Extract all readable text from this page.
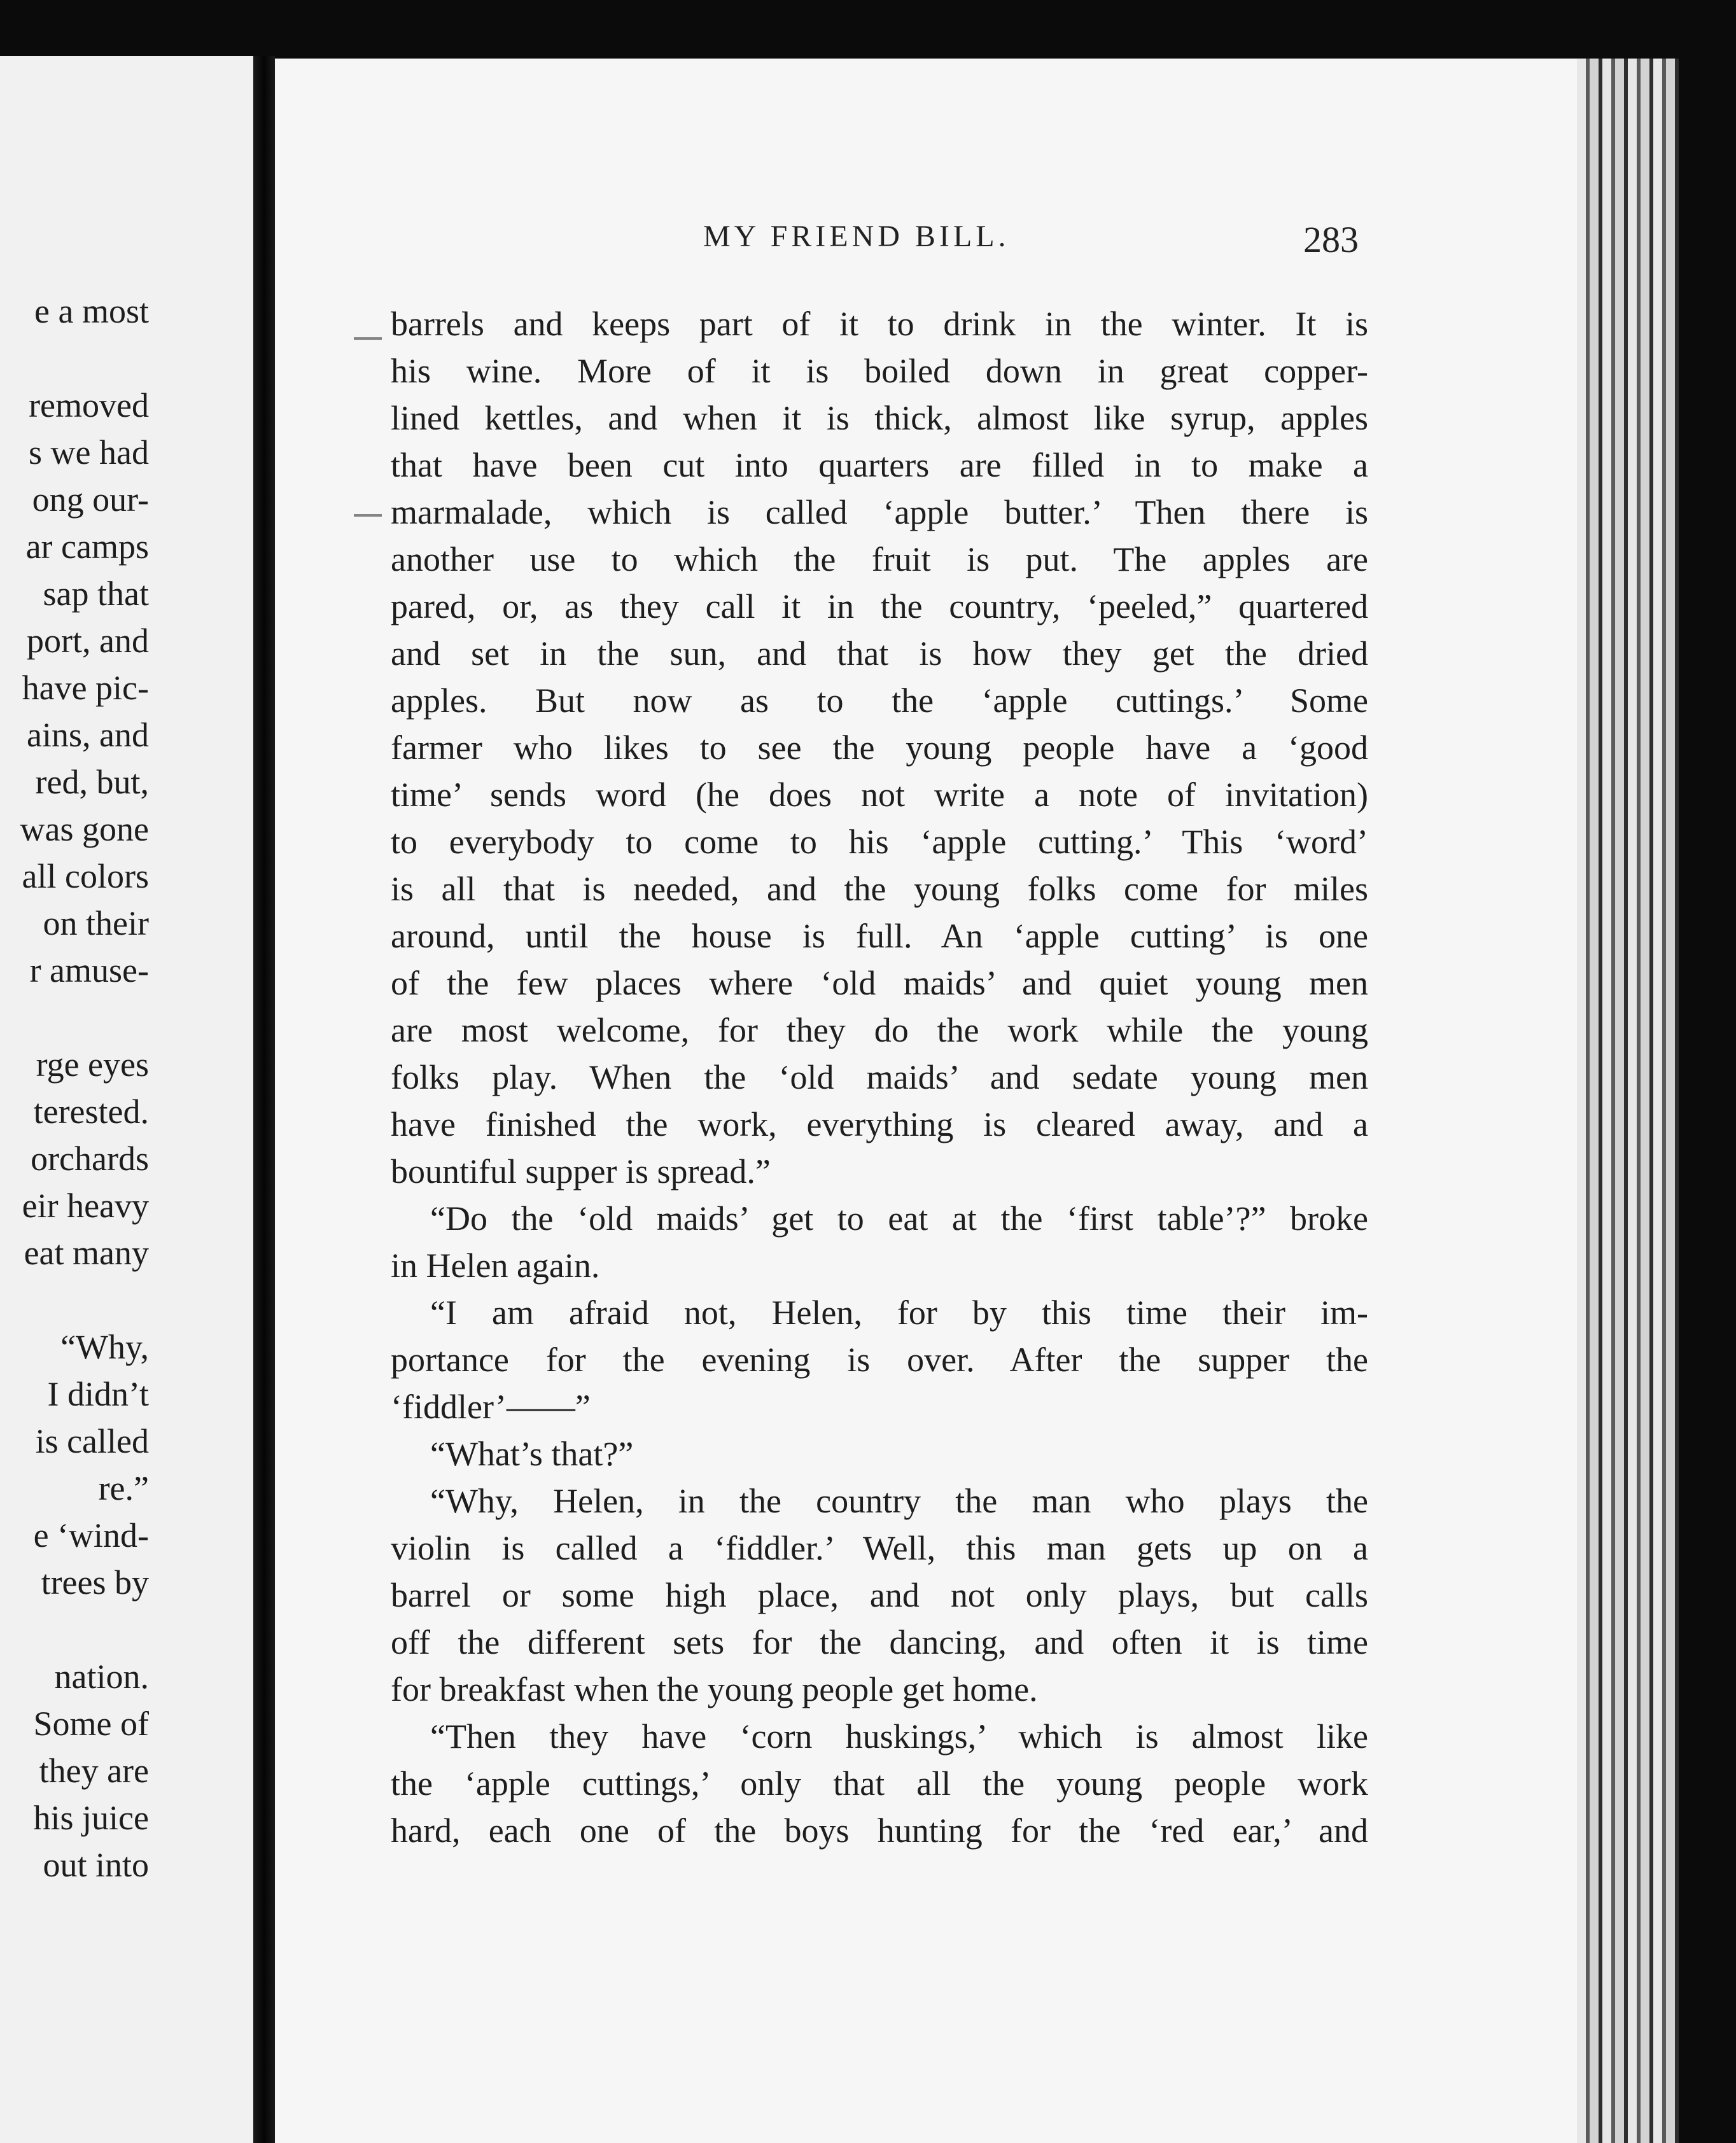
e a most
removed
s we had
ong our-
ar camps
sap that
port, and
have pic-
ains, and
red, but,
was gone
all colors
on their
r amuse-
rge eyes
terested.
orchards
eir heavy
eat many
“Why,
I didn’t
is called
re.”
e ‘wind-
trees by
nation.
Some of
they are
his juice
out into
MY FRIEND BILL.	283
barrels and keeps part of it to drink in the winter. It is
his wine. More of it is boiled down in great copper-
lined kettles, and when it is thick, almost like syrup, apples
that have been cut into quarters are filled in to make a
marmalade, which is called ‘apple butter.’ Then there is
another use to which the fruit is put. The apples are
pared, or, as they call it in the country, ‘peeled,” quartered
and set in the sun, and that is how they get the dried
apples. But now as to the ‘apple cuttings.’ Some
farmer who likes to see the young people have a ‘good
time’ sends word (he does not write a note of invitation)
to everybody to come to his ‘apple cutting.’ This ‘word’
is all that is needed, and the young folks come for miles
around, until the house is full. An ‘apple cutting’ is one
of the few places where ‘old maids’ and quiet young men
are most welcome, for they do the work while the young
folks play. When the ‘old maids’ and sedate young men
have finished the work, everything is cleared away, and a
bountiful supper is spread.”
“Do the ‘old maids’ get to eat at the ‘first table’?” broke
in Helen again.
“I am afraid not, Helen, for by this time their im-
portance for the evening is over. After the supper the
‘fiddler’——”
“What’s that?”
“Why, Helen, in the country the man who plays the
violin is called a ‘fiddler.’ Well, this man gets up on a
barrel or some high place, and not only plays, but calls
off the different sets for the dancing, and often it is time
for breakfast when the young people get home.
“Then they have ‘corn huskings,’ which is almost like
the ‘apple cuttings,’ only that all the young people work
hard, each one of the boys hunting for the ‘red ear,’ and
